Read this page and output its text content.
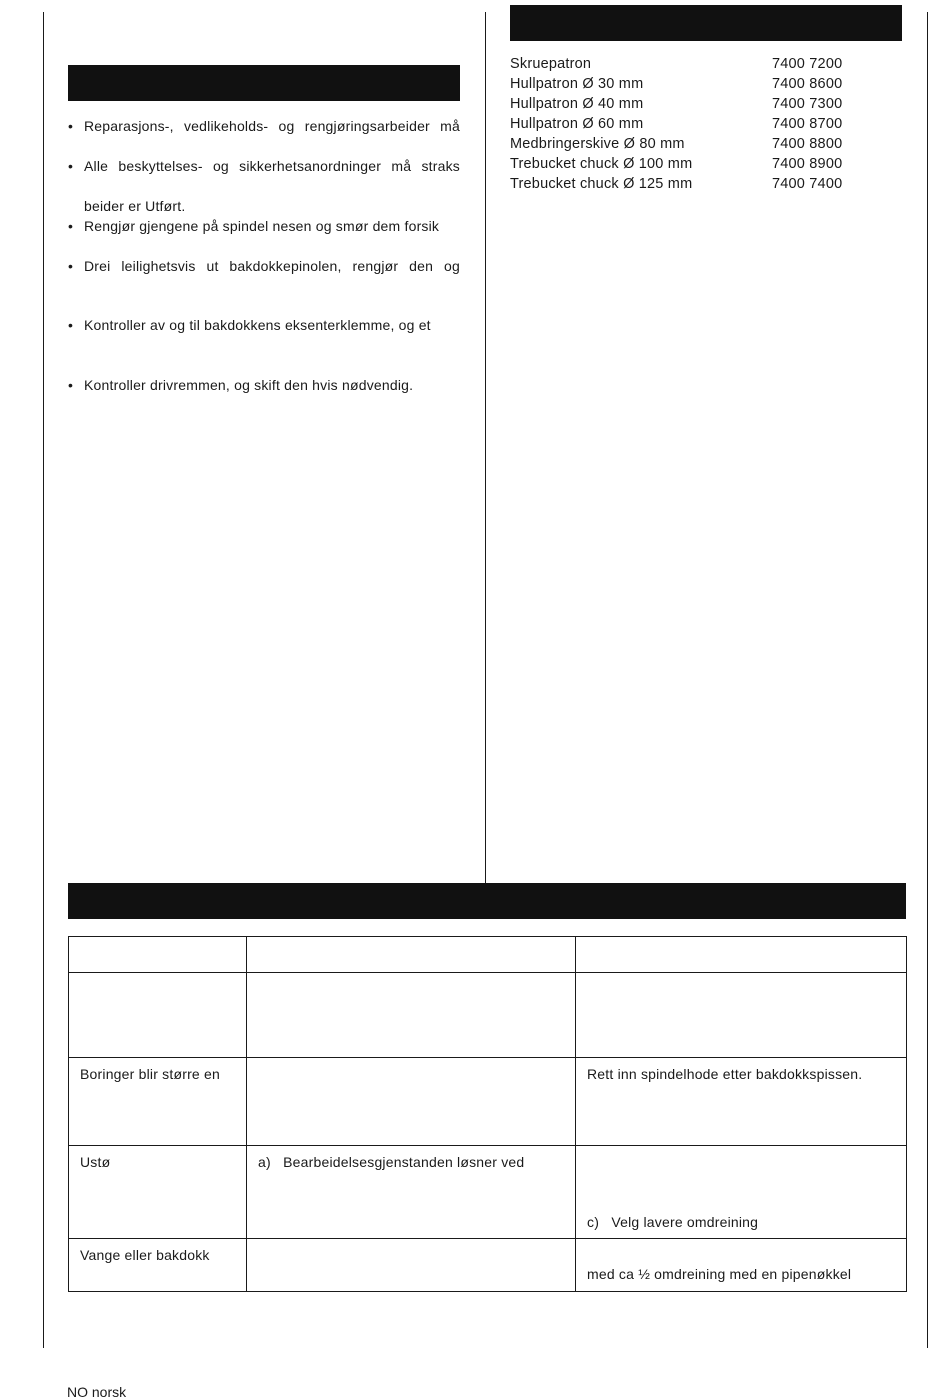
• Reparasjons-, vedlikeholds- og rengjøringsarbeider må
• Alle beskyttelses- og sikkerhetsanordninger må straks
• Rengjør gjengene på spindel nesen og smør dem forsik
• Drei leilighetsvis ut bakdokkepinolen, rengjør den og
• Kontroller av og til bakdokkens eksenterklemme, og et
• Kontroller drivremmen, og skift den hvis nødvendig.
beider er Utført.
Skruepatron	7400 7200
Hullpatron Ø 30 mm	7400 8600
Hullpatron Ø 40 mm	7400 7300
Hullpatron Ø 60 mm	7400 8700
Medbringerskive Ø 80 mm	7400 8800
Trebucket chuck Ø 100 mm	7400 8900
Trebucket chuck Ø 125 mm	7400 7400

Boringer blir større en		Rett inn spindelhode etter bakdokkspissen.
Ustø	a)   Bearbeidelsesgjenstanden løsner ved	c)   Velg lavere omdreining

Vange eller bakdokk		med ca ½ omdreining med en pipenøkkel
NO norsk
